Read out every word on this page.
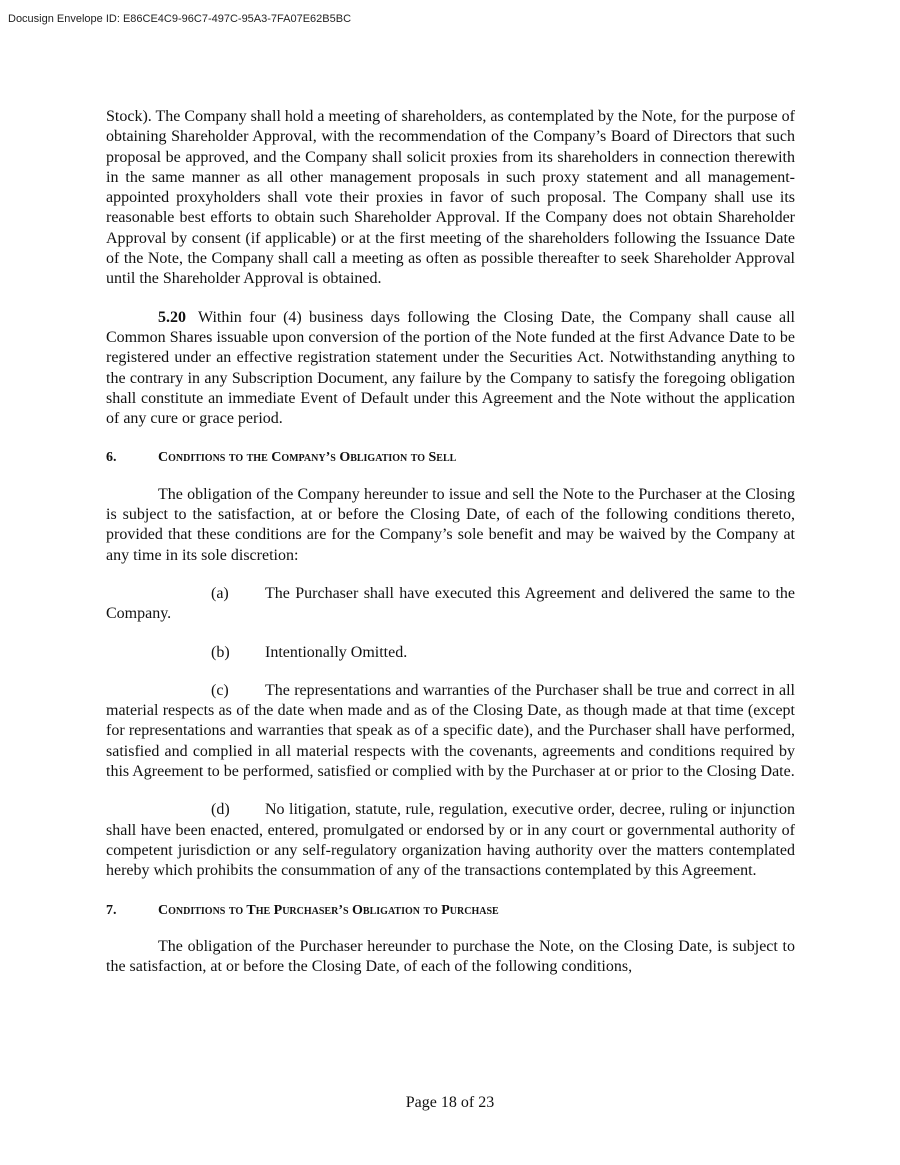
Docusign Envelope ID: E86CE4C9-96C7-497C-95A3-7FA07E62B5BC

Stock). The Company shall hold a meeting of shareholders, as contemplated by the Note, for the purpose of obtaining Shareholder Approval, with the recommendation of the Company’s Board of Directors that such proposal be approved, and the Company shall solicit proxies from its shareholders in connection therewith in the same manner as all other management proposals in such proxy statement and all management-appointed proxyholders shall vote their proxies in favor of such proposal. The Company shall use its reasonable best efforts to obtain such Shareholder Approval. If the Company does not obtain Shareholder Approval by consent (if applicable) or at the first meeting of the shareholders following the Issuance Date of the Note, the Company shall call a meeting as often as possible thereafter to seek Shareholder Approval until the Shareholder Approval is obtained.

5.20 Within four (4) business days following the Closing Date, the Company shall cause all Common Shares issuable upon conversion of the portion of the Note funded at the first Advance Date to be registered under an effective registration statement under the Securities Act. Notwithstanding anything to the contrary in any Subscription Document, any failure by the Company to satisfy the foregoing obligation shall constitute an immediate Event of Default under this Agreement and the Note without the application of any cure or grace period.

6.	Conditions to the Company’s Obligation to Sell

The obligation of the Company hereunder to issue and sell the Note to the Purchaser at the Closing is subject to the satisfaction, at or before the Closing Date, of each of the following conditions thereto, provided that these conditions are for the Company’s sole benefit and may be waived by the Company at any time in its sole discretion:

(a) The Purchaser shall have executed this Agreement and delivered the same to the Company.

(b) Intentionally Omitted.

(c) The representations and warranties of the Purchaser shall be true and correct in all material respects as of the date when made and as of the Closing Date, as though made at that time (except for representations and warranties that speak as of a specific date), and the Purchaser shall have performed, satisfied and complied in all material respects with the covenants, agreements and conditions required by this Agreement to be performed, satisfied or complied with by the Purchaser at or prior to the Closing Date.

(d) No litigation, statute, rule, regulation, executive order, decree, ruling or injunction shall have been enacted, entered, promulgated or endorsed by or in any court or governmental authority of competent jurisdiction or any self-regulatory organization having authority over the matters contemplated hereby which prohibits the consummation of any of the transactions contemplated by this Agreement.

7.	Conditions to The Purchaser’s Obligation to Purchase

The obligation of the Purchaser hereunder to purchase the Note, on the Closing Date, is subject to the satisfaction, at or before the Closing Date, of each of the following conditions,

Page 18 of 23
